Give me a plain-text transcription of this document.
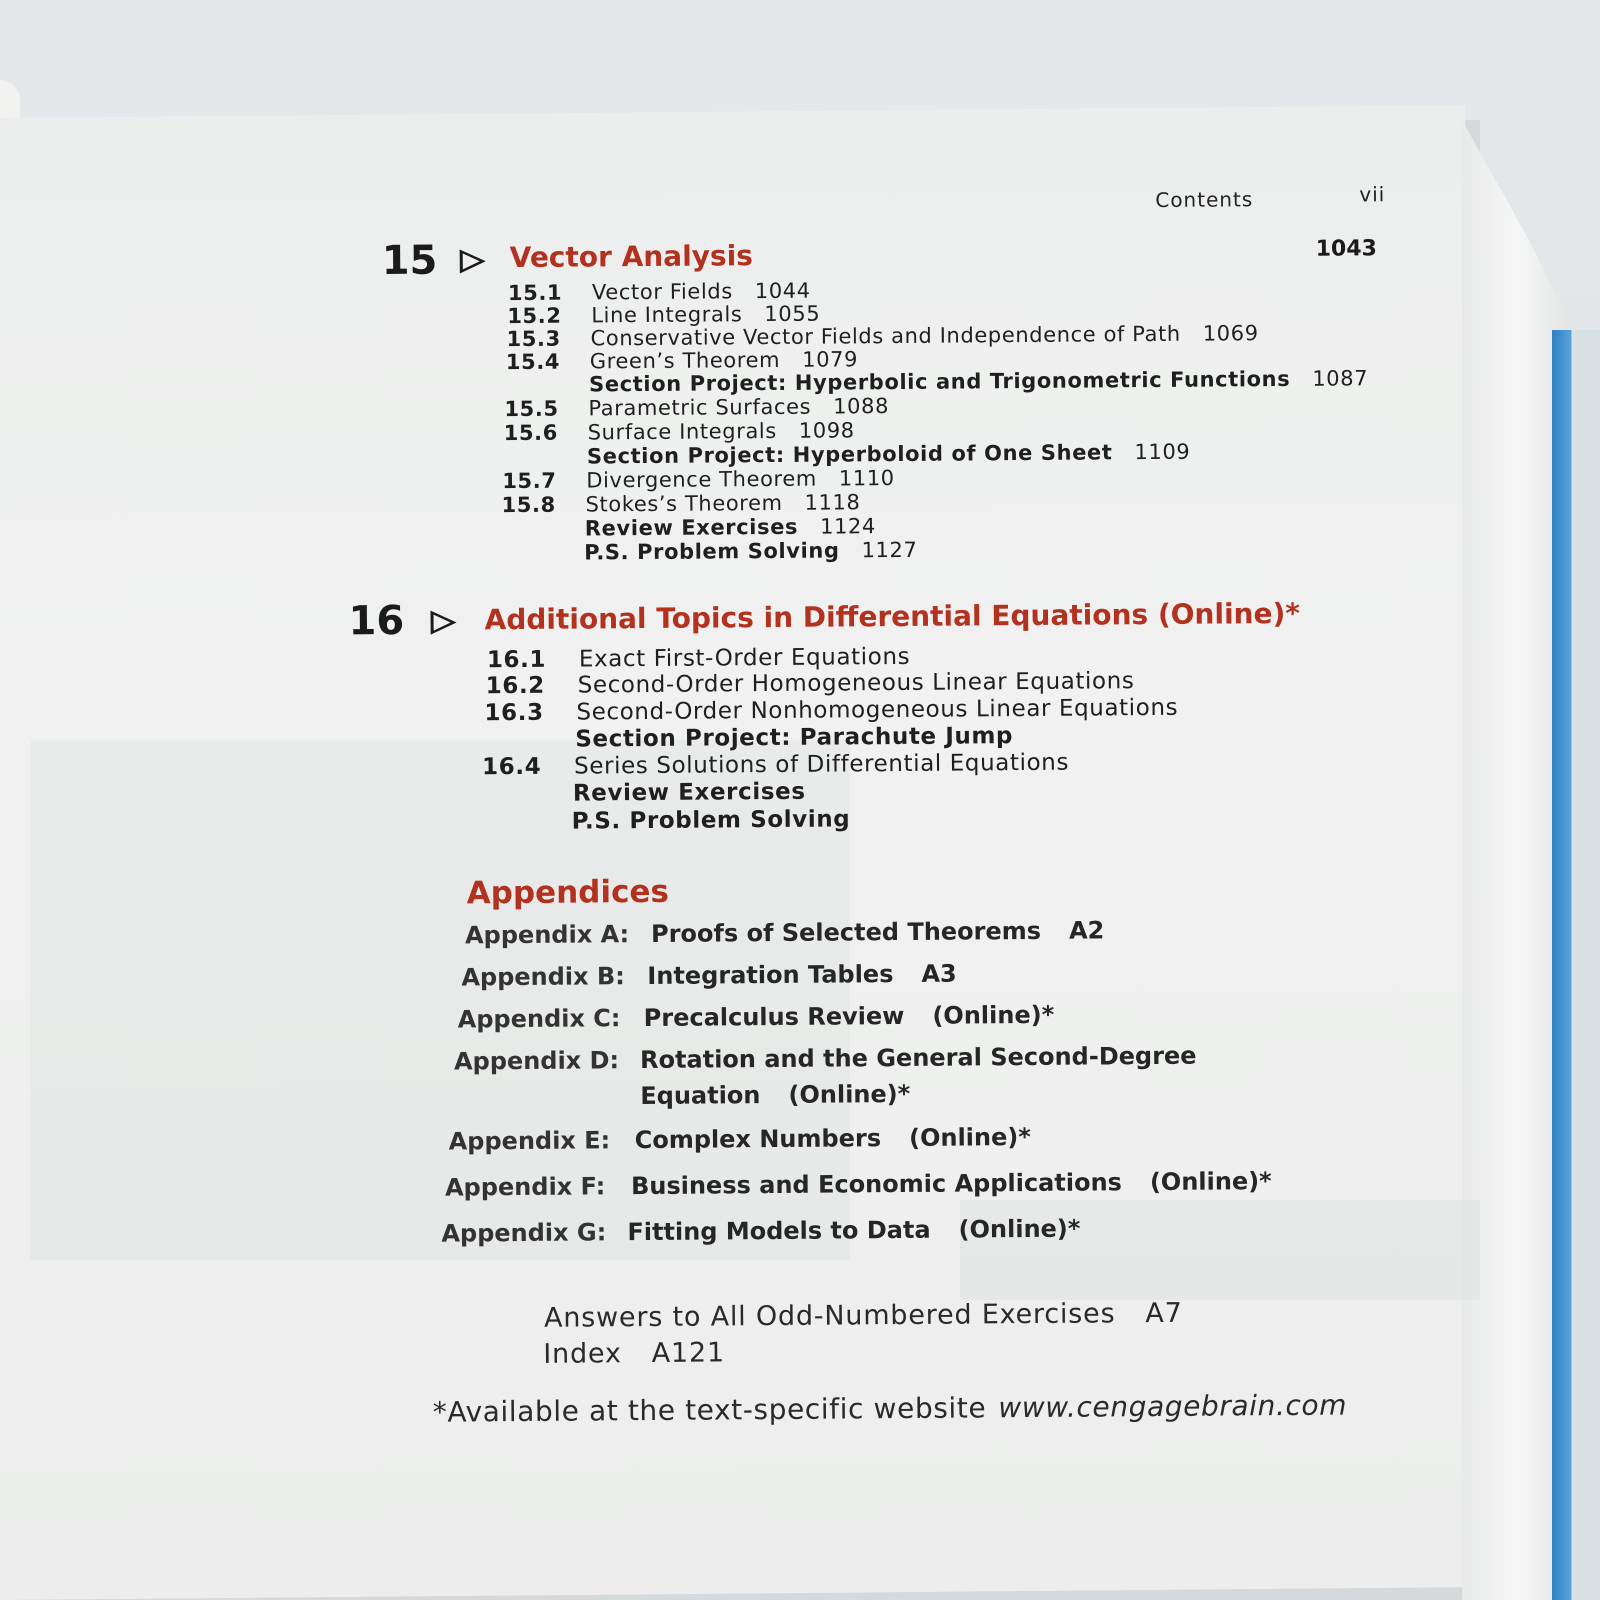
Contents	vii
15	Vector Analysis	1043
15.1 Vector Fields 1044
15.2 Line Integrals 1055
15.3 Conservative Vector Fields and Independence of Path 1069
15.4 Green’s Theorem 1079
Section Project: Hyperbolic and Trigonometric Functions 1087
15.5 Parametric Surfaces 1088
15.6 Surface Integrals 1098
Section Project: Hyperboloid of One Sheet 1109
15.7 Divergence Theorem 1110
15.8 Stokes’s Theorem 1118
Review Exercises 1124
P.S. Problem Solving 1127
16	Additional Topics in Differential Equations (Online)*
16.1 Exact First-Order Equations
16.2 Second-Order Homogeneous Linear Equations
16.3 Second-Order Nonhomogeneous Linear Equations
Section Project: Parachute Jump
16.4 Series Solutions of Differential Equations
Review Exercises
P.S. Problem Solving
Appendices
Appendix A: Proofs of Selected Theorems A2
Appendix B: Integration Tables A3
Appendix C: Precalculus Review (Online)*
Appendix D: Rotation and the General Second-Degree
Equation (Online)*
Appendix E: Complex Numbers (Online)*
Appendix F: Business and Economic Applications (Online)*
Appendix G: Fitting Models to Data (Online)*
Answers to All Odd-Numbered Exercises A7
Index A121
*Available at the text-specific website www.cengagebrain.com
